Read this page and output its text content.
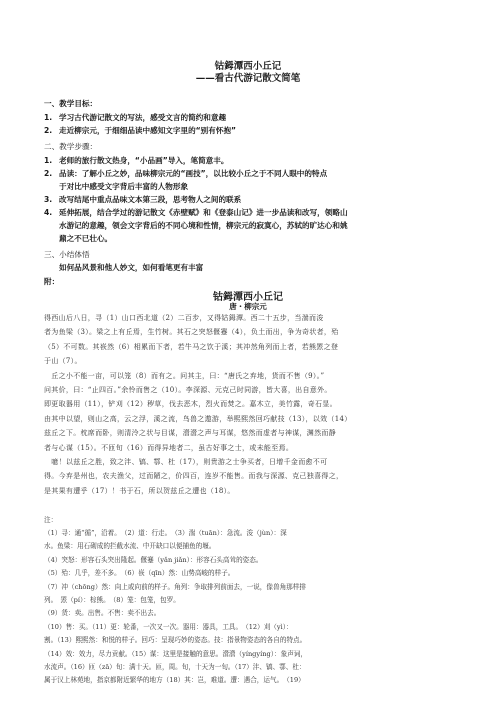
钴鉧潭西小丘记
——看古代游记散文简笔
一、教学目标：
1. 学习古代游记散文的写法，感受文言的简约和意趣
2. 走近柳宗元，于细细品读中感知文字里的“别有怀抱”
二、教学步骤：
1. 老师的旅行散文热身，“小品画”导入，笔简意丰。
2. 品读：了解小丘之妙，品味柳宗元的“画技”，以比较小丘之于不同人眼中的特点
于对比中感受文字背后丰富的人物形象
3. 改写结尾中重点品味文本第三段，思考物人之间的联系
4. 延伸拓展，结合学过的游记散文《赤壁赋》和《登泰山记》进一步品读和改写，领略山
水游记的意趣，领会文字背后的不同心境和性情，柳宗元的寂寞心，苏轼的旷达心和姚
鼐之不已壮心。
三、小结体悟
如何品风景和他人妙文，如何看笔更有丰富
附：
钴鉧潭西小丘记
唐・柳宗元
得西山后八日，寻（1）山口西北道（2）二百步，又得钴鉧潭。西二十五步，当湍而浚
者为鱼梁（3）。梁之上有丘焉，生竹树。其石之突怒偃蹇（4），负土而出，争为奇状者，殆
（5）不可数。其嵚然（6）相累而下者，若牛马之饮于溪；其冲然角列而上者，若熊罴之登
于山（7）。
　丘之小不能一亩，可以笼（8）而有之。问其主，曰：“唐氏之弃地，货而不售（9）。”
问其价，曰：“止四百。”余怜而售之（10）。李深源、元克己时同游，皆大喜，出自意外。
即更取器用（11），铲刈（12）秽草，伐去恶木，烈火而焚之。嘉木立，美竹露，奇石显。
由其中以望，则山之高，云之浮，溪之流，鸟兽之遨游，举熙熙然回巧献技（13），以效（14）
兹丘之下。枕席而卧，则清泠之状与目谋，瀯瀯之声与耳谋，悠然而虚者与神谋，渊然而静
者与心谋（15）。不匝旬（16）而得异地者二，虽古好事之士，或未能至焉。
　噫！以兹丘之胜，致之沣、镐、鄠、杜（17），则贵游之士争买者，日增千金而愈不可
得。今弃是州也，农夫渔父，过而陋之，价四百，连岁不能售。而我与深源、克己独喜得之，
是其果有遭乎（17）！书于石，所以贺兹丘之遭也（18）。
注：
（1）寻：通“循”，沿着。　（2）道：行走。　（3）湍（tuān）：急流。浚（jùn）：深
水。鱼梁：用石砌成的拦截水流、中开缺口以便捕鱼的堰。
（4）突怒：形容石头突出隆起。偃蹇（yǎn jiǎn）：形容石头高耸的姿态。
（5）殆：几乎，差不多。　（6）嵚（qīn）然：山势高峻的样子。
（7）冲（chōng）然：向上或向前的样子。角列：争取排列前面去，一说，像兽角那样排
列。　罴（pí）：棕熊。　（8）笼：包笼，包罗。
（9）货：卖。出售。不售：卖不出去。
（10）售：买。（11）更：轮番，一次又一次。器用：器具，工具。　（12）刈（yì）：
割。（13）熙熙然：和悦的样子。回巧：呈现巧妙的姿态。技：指景物姿态的各自的特点。
（14）效：效力，尽力贡献。（15）谋：这里是接触的意思。瀯瀯（yíngyíng）：象声词，
水流声。（16）匝（zā）旬：满十天。匝，周。旬，十天为一旬。（17）沣、镐、鄠、杜：
属于汉上林苑地，指京都附近繁华的地方（18）其：岂，难道。遭：遇合，运气。　（19）
